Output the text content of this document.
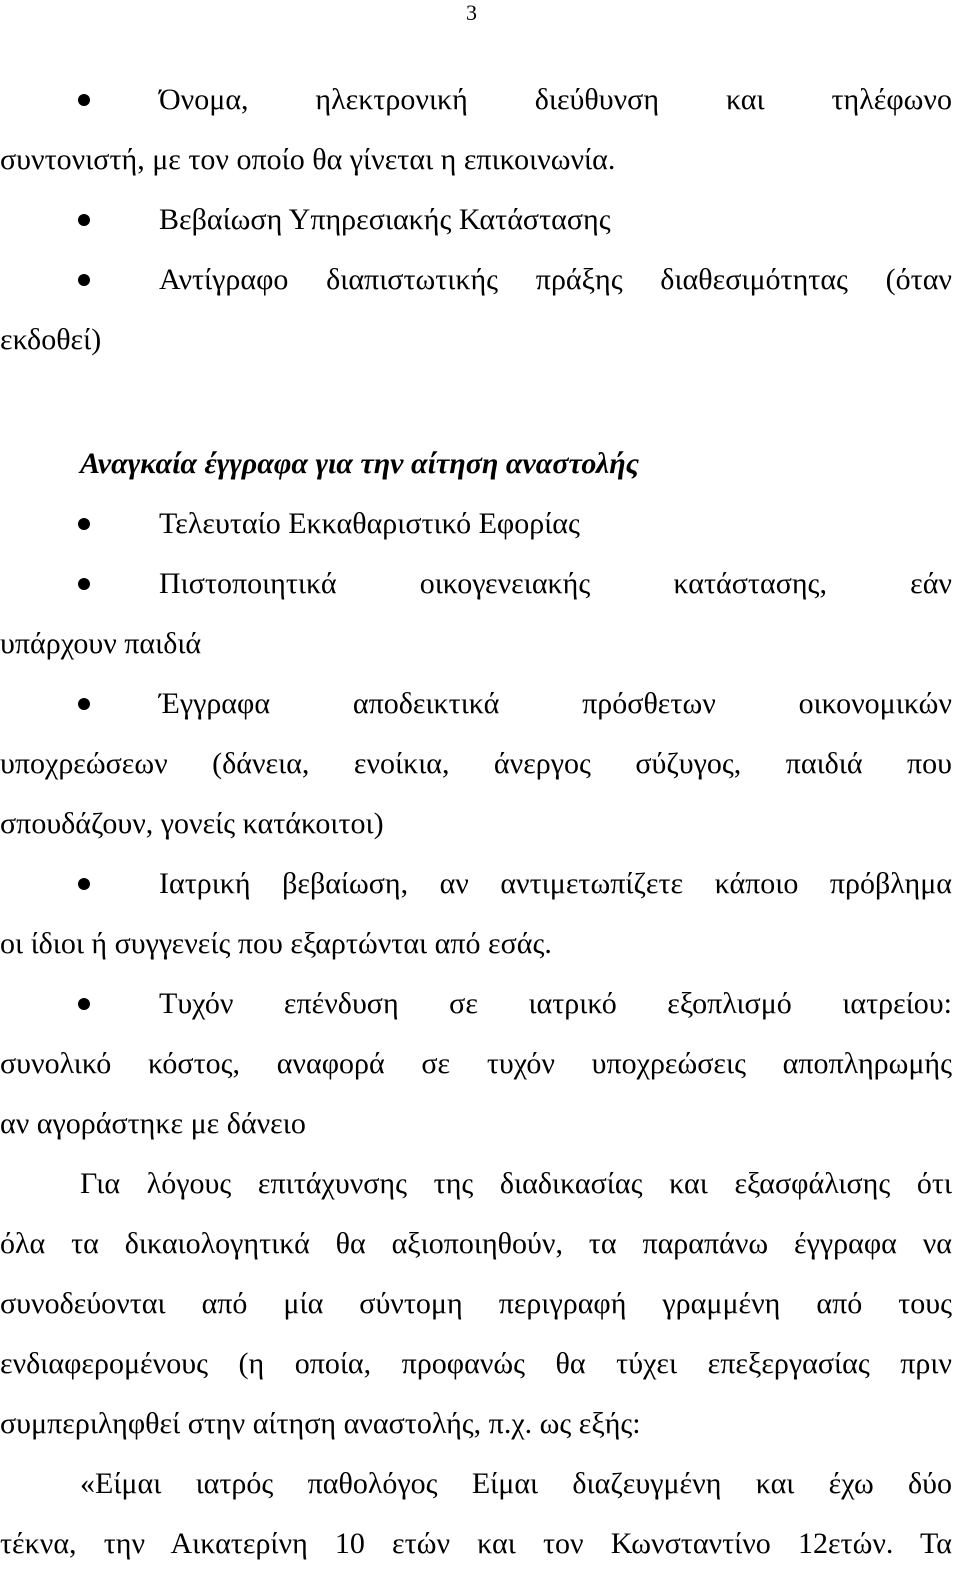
3
Όνομα, ηλεκτρονική διεύθυνση και τηλέφωνο
συντονιστή, με τον οποίο θα γίνεται η επικοινωνία.
Βεβαίωση Υπηρεσιακής Κατάστασης
Αντίγραφο διαπιστωτικής πράξης διαθεσιμότητας (όταν
εκδοθεί)
Αναγκαία έγγραφα για την αίτηση αναστολής
Τελευταίο Εκκαθαριστικό Εφορίας
Πιστοποιητικά οικογενειακής κατάστασης, εάν
υπάρχουν παιδιά
Έγγραφα αποδεικτικά πρόσθετων οικονομικών
υποχρεώσεων (δάνεια, ενοίκια, άνεργος σύζυγος, παιδιά που
σπουδάζουν, γονείς κατάκοιτοι)
Ιατρική βεβαίωση, αν αντιμετωπίζετε κάποιο πρόβλημα
οι ίδιοι ή συγγενείς που εξαρτώνται από εσάς.
Τυχόν επένδυση σε ιατρικό εξοπλισμό ιατρείου:
συνολικό κόστος, αναφορά σε τυχόν υποχρεώσεις αποπληρωμής
αν αγοράστηκε με δάνειο
Για λόγους επιτάχυνσης της διαδικασίας και εξασφάλισης ότι
όλα τα δικαιολογητικά θα αξιοποιηθούν, τα παραπάνω έγγραφα να
συνοδεύονται από μία σύντομη περιγραφή γραμμένη από τους
ενδιαφερομένους (η οποία, προφανώς θα τύχει επεξεργασίας πριν
συμπεριληφθεί στην αίτηση αναστολής, π.χ. ως εξής:
«Είμαι ιατρός παθολόγος Είμαι διαζευγμένη και έχω δύο
τέκνα, την Αικατερίνη 10 ετών και τον Κωνσταντίνο 12ετών. Τα
